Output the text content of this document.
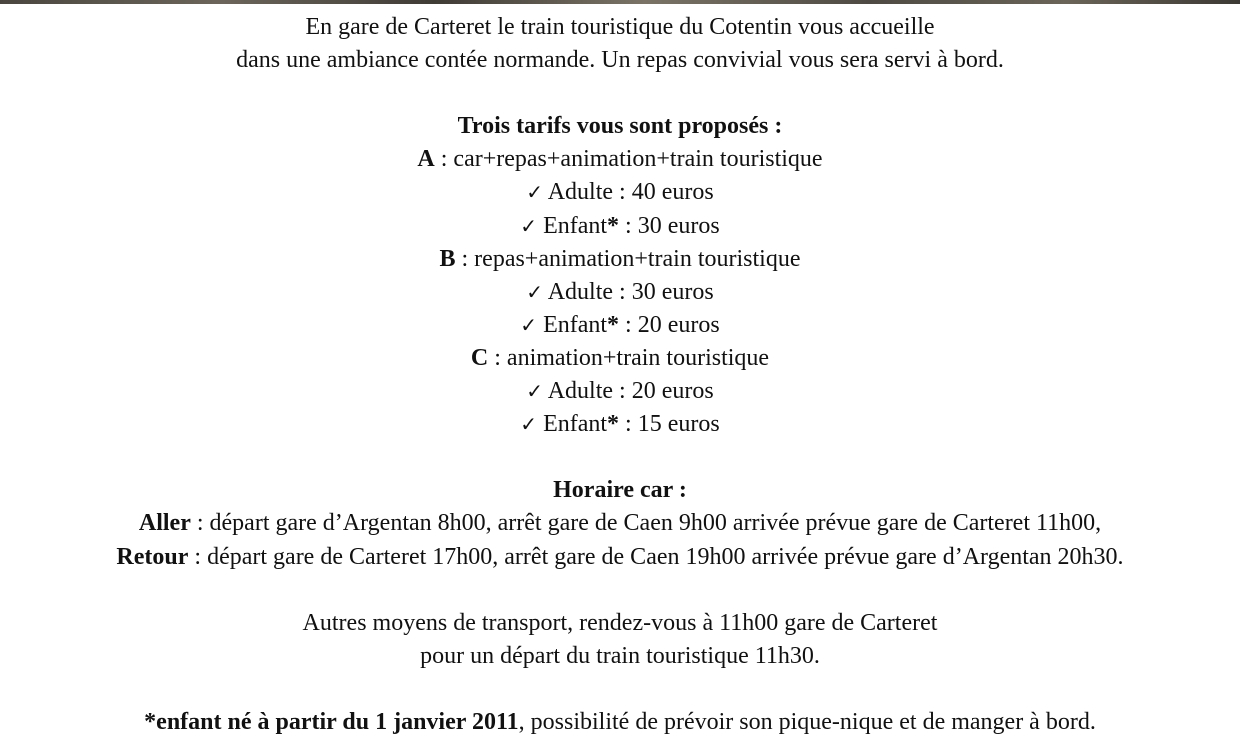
En gare de Carteret le train touristique du Cotentin vous accueille
dans une ambiance contée normande. Un repas convivial vous sera servi à bord.
Trois tarifs vous sont proposés :
A : car+repas+animation+train touristique
✓ Adulte : 40 euros
✓ Enfant* : 30 euros
B : repas+animation+train touristique
✓ Adulte : 30 euros
✓ Enfant* : 20 euros
C : animation+train touristique
✓ Adulte : 20 euros
✓ Enfant* : 15 euros
Horaire car :
Aller : départ gare d’Argentan 8h00, arrêt gare de Caen 9h00 arrivée prévue gare de Carteret 11h00,
Retour : départ gare de Carteret 17h00, arrêt gare de Caen 19h00 arrivée prévue gare d’Argentan 20h30.
Autres moyens de transport, rendez-vous à 11h00 gare de Carteret
pour un départ du train touristique 11h30.
*enfant né à partir du 1 janvier 2011, possibilité de prévoir son pique-nique et de manger à bord.
